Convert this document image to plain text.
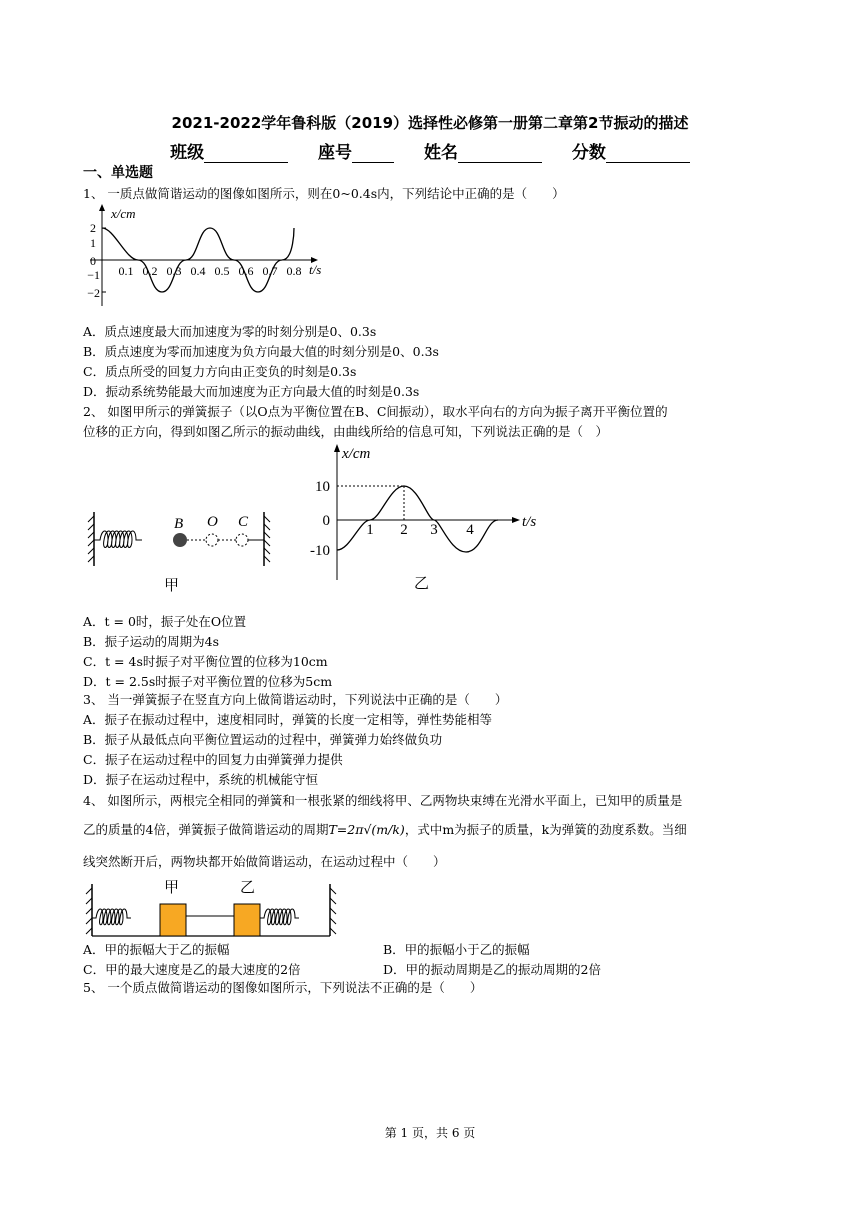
2021-2022学年鲁科版（2019）选择性必修第一册第二章第2节振动的描述
班级	座号	姓名	分数
一、单选题
1、 一质点做简谐运动的图像如图所示，则在0~0.4s内，下列结论中正确的是（　　）
x/cm
t/s
2
1
0
−1
−2
0.1 0.2 0.3 0.4 0.5 0.6 0.7 0.8
A．质点速度最大而加速度为零的时刻分别是0、0.3s
B．质点速度为零而加速度为负方向最大值的时刻分别是0、0.3s
C．质点所受的回复力方向由正变负的时刻是0.3s
D．振动系统势能最大而加速度为正方向最大值的时刻是0.3s
2、 如图甲所示的弹簧振子（以O点为平衡位置在B、C间振动），取水平向右的方向为振子离开平衡位置的
位移的正方向，得到如图乙所示的振动曲线，由曲线所给的信息可知，下列说法正确的是（　）
B O C
甲
x/cm
t/s
10
0
-10
1 2 3 4
乙
A．t = 0时，振子处在O位置
B．振子运动的周期为4s
C．t = 4s时振子对平衡位置的位移为10cm
D．t = 2.5s时振子对平衡位置的位移为5cm
3、 当一弹簧振子在竖直方向上做简谐运动时，下列说法中正确的是（　　）
A．振子在振动过程中，速度相同时，弹簧的长度一定相等，弹性势能相等
B．振子从最低点向平衡位置运动的过程中，弹簧弹力始终做负功
C．振子在运动过程中的回复力由弹簧弹力提供
D．振子在运动过程中，系统的机械能守恒
4、 如图所示，两根完全相同的弹簧和一根张紧的细线将甲、乙两物块束缚在光滑水平面上，已知甲的质量是
乙的质量的4倍，弹簧振子做简谐运动的周期T=2π√(m/k)，式中m为振子的质量，k为弹簧的劲度系数。当细
线突然断开后，两物块都开始做简谐运动，在运动过程中（　　）
甲	乙
A．甲的振幅大于乙的振幅	B．甲的振幅小于乙的振幅
C．甲的最大速度是乙的最大速度的2倍	D．甲的振动周期是乙的振动周期的2倍
5、 一个质点做简谐运动的图像如图所示，下列说法不正确的是（　　）
第 1 页，共 6 页
